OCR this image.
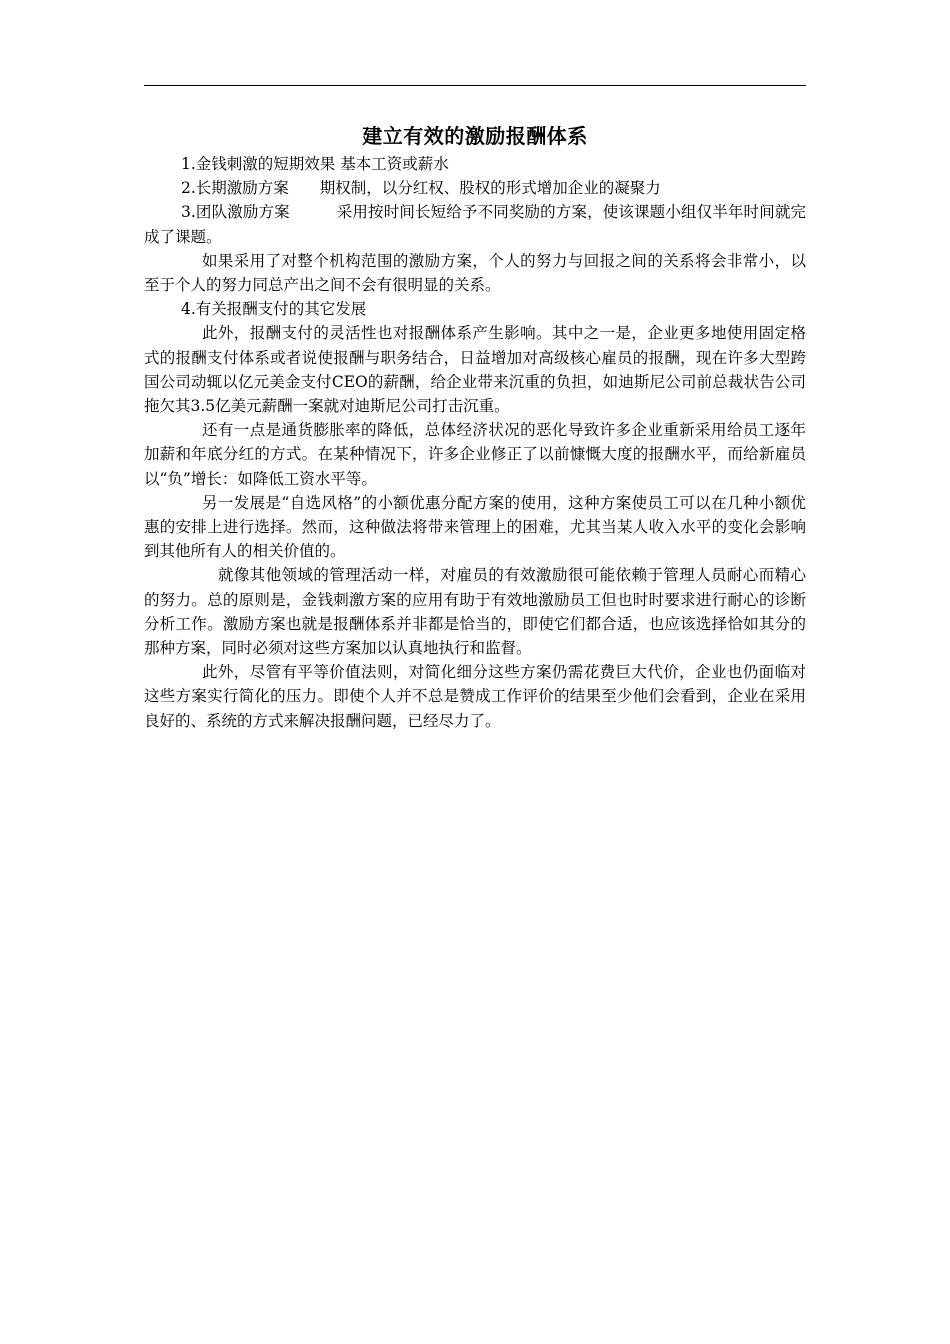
建立有效的激励报酬体系

1.金钱刺激的短期效果 基本工资或薪水

2.长期激励方案　　期权制，以分红权、股权的形式增加企业的凝聚力

3.团队激励方案　　　采用按时间长短给予不同奖励的方案，使该课题小组仅半年时间就完成了课题。

如果采用了对整个机构范围的激励方案，个人的努力与回报之间的关系将会非常小，以至于个人的努力同总产出之间不会有很明显的关系。

4.有关报酬支付的其它发展

此外，报酬支付的灵活性也对报酬体系产生影响。其中之一是，企业更多地使用固定格式的报酬支付体系或者说使报酬与职务结合，日益增加对高级核心雇员的报酬，现在许多大型跨国公司动辄以亿元美金支付CEO的薪酬，给企业带来沉重的负担，如迪斯尼公司前总裁状告公司拖欠其3.5亿美元薪酬一案就对迪斯尼公司打击沉重。

还有一点是通货膨胀率的降低，总体经济状况的恶化导致许多企业重新采用给员工逐年加薪和年底分红的方式。在某种情况下，许多企业修正了以前慷慨大度的报酬水平，而给新雇员以“负”增长：如降低工资水平等。

另一发展是“自选风格”的小额优惠分配方案的使用，这种方案使员工可以在几种小额优惠的安排上进行选择。然而，这种做法将带来管理上的困难，尤其当某人收入水平的变化会影响到其他所有人的相关价值的。

就像其他领域的管理活动一样，对雇员的有效激励很可能依赖于管理人员耐心而精心的努力。总的原则是，金钱刺激方案的应用有助于有效地激励员工但也时时要求进行耐心的诊断分析工作。激励方案也就是报酬体系并非都是恰当的，即使它们都合适，也应该选择恰如其分的那种方案，同时必须对这些方案加以认真地执行和监督。

此外，尽管有平等价值法则，对简化细分这些方案仍需花费巨大代价，企业也仍面临对这些方案实行简化的压力。即使个人并不总是赞成工作评价的结果至少他们会看到，企业在采用良好的、系统的方式来解决报酬问题，已经尽力了。
